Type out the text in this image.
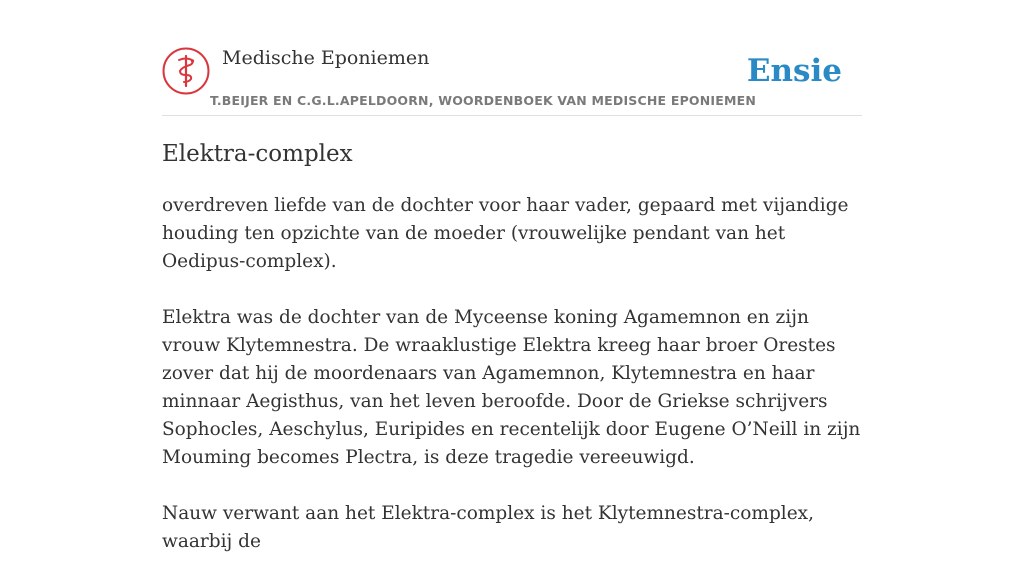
Medische Eponiemen
T.BEIJER EN C.G.L.APELDOORN, WOORDENBOEK VAN MEDISCHE EPONIEMEN
Ensie
Elektra-complex

overdreven liefde van de dochter voor haar vader, gepaard met vijandige houding ten opzichte van de moeder (vrouwelijke pendant van het Oedipus-complex).

Elektra was de dochter van de Myceense koning Agamemnon en zijn vrouw Klytemnestra. De wraaklustige Elektra kreeg haar broer Orestes zover dat hij de moordenaars van Agamemnon, Klytemnestra en haar minnaar Aegisthus, van het leven beroofde. Door de Griekse schrijvers Sophocles, Aeschylus, Euripides en recentelijk door Eugene O’Neill in zijn Mouming becomes Plectra, is deze tragedie vereeuwigd.

Nauw verwant aan het Elektra-complex is het Klytemnestra-complex, waarbij de
